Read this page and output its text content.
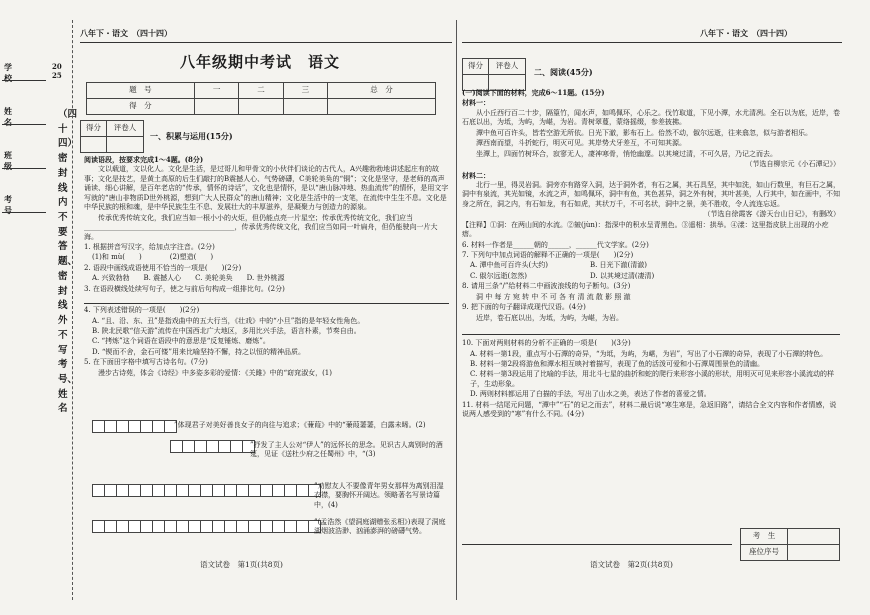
学 校
姓 名
班 级
考 号
2025
（四十四）密封线内不要答题、密封线外不写考号、姓名
八年下・语文　（四十四）
八年级期中考试　语文
题　号	一	二	三	总　分
得　分				
得分	评卷人

一、积累与运用(15分)

阅读语段，按要求完成1～4题。(8分)

文以载道，文以化人。文化是生活，是过哥儿和甲骨文的小伙伴们谈论的古代人，A兴趣勃勃地讲述起庄有的故事；文化是技艺，是黄土高原的后生们敲打的B震撼人心、气势磅礴，C美轮美奂的“铜”；文化是坚守，是老师的高声诵读、细心讲解，是百年老店的“传承，情怀的诗话”，文化也是情怀，是以“唐山脉冲地、热血流传”的情怀，是用文字写就的“唐山非物质D世外桃源，想到广大人民群众”的唐山精神；文化是生活中的一支笔，在流传中生生不息。文化是中华民族的根和魂，是中华民族生生不息、发展壮大的丰厚滋养，是凝聚力与创造力的源泉。

传承优秀传统文化，我们应当如一根小小的火炬，但仍能点亮一片星空；传承优秀传统文化，我们应当___________________________________________，传承优秀传统文化，我们应当如同一叶扁舟，但仍能驶向一片大海。

1. 根据拼音写汉字，给加点字注音。(2分)

(1)和 mù(　　)　　　　(2)塑造(　　)

2. 语段中画线成语使用不恰当的一项是(　　)(2分)

A. 兴致勃勃　　B. 震撼人心　　C. 美轮美奂　　D. 世外桃源

3. 在语段横线处续写句子，使之与前后句构成一组排比句。(2分)

4. 下列表述错误的一项是(　　)(2分)

A. “且、沿、东、丑”是指戏曲中的五大行当，《壮戏》中的“小旦”指的是年轻女性角色。

B. 陕北民歌“信天游”流传在中国西北广大地区，多用比兴手法，语言朴素，节奏自由。

C. “拷炼”这个词语在语段中的意思是“反复锤炼、磨炼”。

D. “锲而不舍，金石可镂”用来比喻坚持不懈，持之以恒的精神品质。

5. 在下面田字格中填写古诗名句。(7分)

漫步古诗苑，体会《诗经》中多姿多彩的爱情：《关雎》中的“窈窕淑女，(1)

”体现君子对美好善良女子的向往与追求；《蒹葭》中的“蒹葭萋萋，白露未晞。(2)
”抒发了主人公对“伊人”的远怀长的思念。见识古人离别时的酒筵，见证《送杜少府之任蜀州》中，“(3)
”劝慰友人不要像青年男女那样为离别泪湿衣襟，要胸怀开阔达。领略著名写景诗篇中，(4)
”(孟浩然《望洞庭湖赠张丞相》)表现了洞庭湖烟波浩渺、汹涌澎湃的磅礴气势。
语文试卷　第1页(共8页)
八年下・语文　（四十四）
得分	评卷人

二、阅读(45分)

(一)阅读下面的材料，完成6～11题。(15分)

材料一：

从小丘西行百二十步，隔篁竹，闻水声，如鸣佩环，心乐之。伐竹取道，下见小潭，水尤清冽。全石以为底，近岸，卷石底以出，为坻，为屿，为嵁，为岩。青树翠蔓，蒙络摇缀，参差披拂。

潭中鱼可百许头，皆若空游无所依。日光下澈，影布石上。佁然不动，俶尔远逝，往来翕忽，似与游者相乐。

潭西南而望，斗折蛇行，明灭可见。其岸势犬牙差互，不可知其源。

坐潭上，四面竹树环合，寂寥无人，凄神寒骨，悄怆幽邃。以其境过清，不可久居，乃记之而去。

（节选自柳宗元《小石潭记》）

材料二：

北行一里，得灵岩洞。洞旁亦有路穿入洞，达于洞外者，有石之属，其石具坚，其中如洗，如山行数里，有巨石之属，洞中有泉流，其光如镜，水流之声，如鸣佩环，洞中有鱼，其色甚异，洞之外有树，其叶甚美，人行其中，如在画中，不知身之所在，洞之内，有石如龙，有石如虎，其状万千，不可名状，洞中之景，美不胜收，令人流连忘返。

（节选自徐霞客《游天台山日记》，有删改）

【注释】①洞：在两山间的水流。②皴(jùn)：指深中的积水呈青黑色。③遥相：拱举。④漾：这里指皮肤上出现的小疙瘩。

6. 材料一作者是______朝的______，______代文学家。(2分)

7. 下列句中加点词语的解释不正确的一项是(　　)(2分)

A. 潭中鱼可百许头(大约)　　　　　　B. 日光下澈(清澈)

C. 俶尔远逝(忽然)　　　　　　　　　D. 以其境过清(凄清)

8. 请用三条“/”给材料二中画波浪线的句子断句。(3分)

洞 中 每 方 宛 转 中 不 可 各 有 清 流 散 影 照 澈

9. 把下面的句子翻译成现代汉语。(4分)

近岸，卷石底以出，为坻，为屿，为嵁，为岩。

10. 下面对两则材料的分析不正确的一项是(　　)(3分)

A. 材料一第1段，重点写小石潭的奇异，“为坻，为屿，为嵁，为岩”，写出了小石潭的奇异，表现了小石潭的特色。

B. 材料一第2段将游鱼和潭水相互映衬着描写，表现了鱼的活泼可爱和小石潭周围景色的清幽。

C. 材料一第3段运用了比喻的手法，用北斗七星的曲折和蛇的爬行来形容小溪的形状，用明灭可见来形容小溪流动的样子，生动形象。

D. 两则材料都运用了白描的手法，写出了山水之美，表达了作者的喜爱之情。

11. 材料一结尾元问题，“潭中”“石”的记之而去”，材料二最后说“寒生寒是，急返旧路”，请结合全文内容和作者情感，说说两人感受到的“寒”有什么不同。(4分)

考　生	
座位序号	
语文试卷　第2页(共8页)
